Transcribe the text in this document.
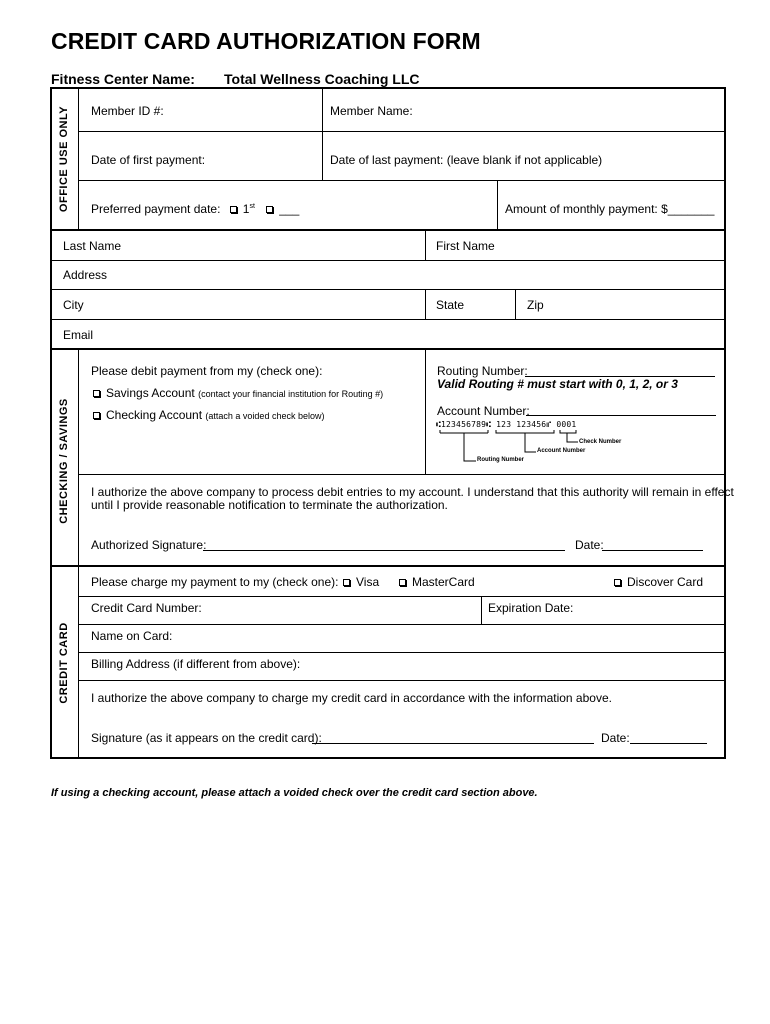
CREDIT CARD AUTHORIZATION FORM
Fitness Center Name: Total Wellness Coaching LLC
OFFICE USE ONLY Member ID #:	Member Name:
Date of first payment:	Date of last payment: (leave blank if not applicable)
Preferred payment date: 1st ___	Amount of monthly payment: $_______
Last Name	First Name
Address
City	State	Zip
Email
CHECKING / SAVINGS
Please debit payment from my (check one):
Savings Account (contact your financial institution for Routing #)
Checking Account (attach a voided check below)
Routing Number:
Valid Routing # must start with 0, 1, 2, or 3
Account Number:
⑆123456789⑆ 123 123456⑈ 0001
Check Number
Account Number
Routing Number
I authorize the above company to process debit entries to my account. I understand that this authority will remain in effect
until I provide reasonable notification to terminate the authorization.
Authorized Signature:	Date:
CREDIT CARD
Please charge my payment to my (check one):	Visa	MasterCard	Discover Card
Credit Card Number:	Expiration Date:
Name on Card:
Billing Address (if different from above):
I authorize the above company to charge my credit card in accordance with the information above.
Signature (as it appears on the credit card):	Date:
If using a checking account, please attach a voided check over the credit card section above.
